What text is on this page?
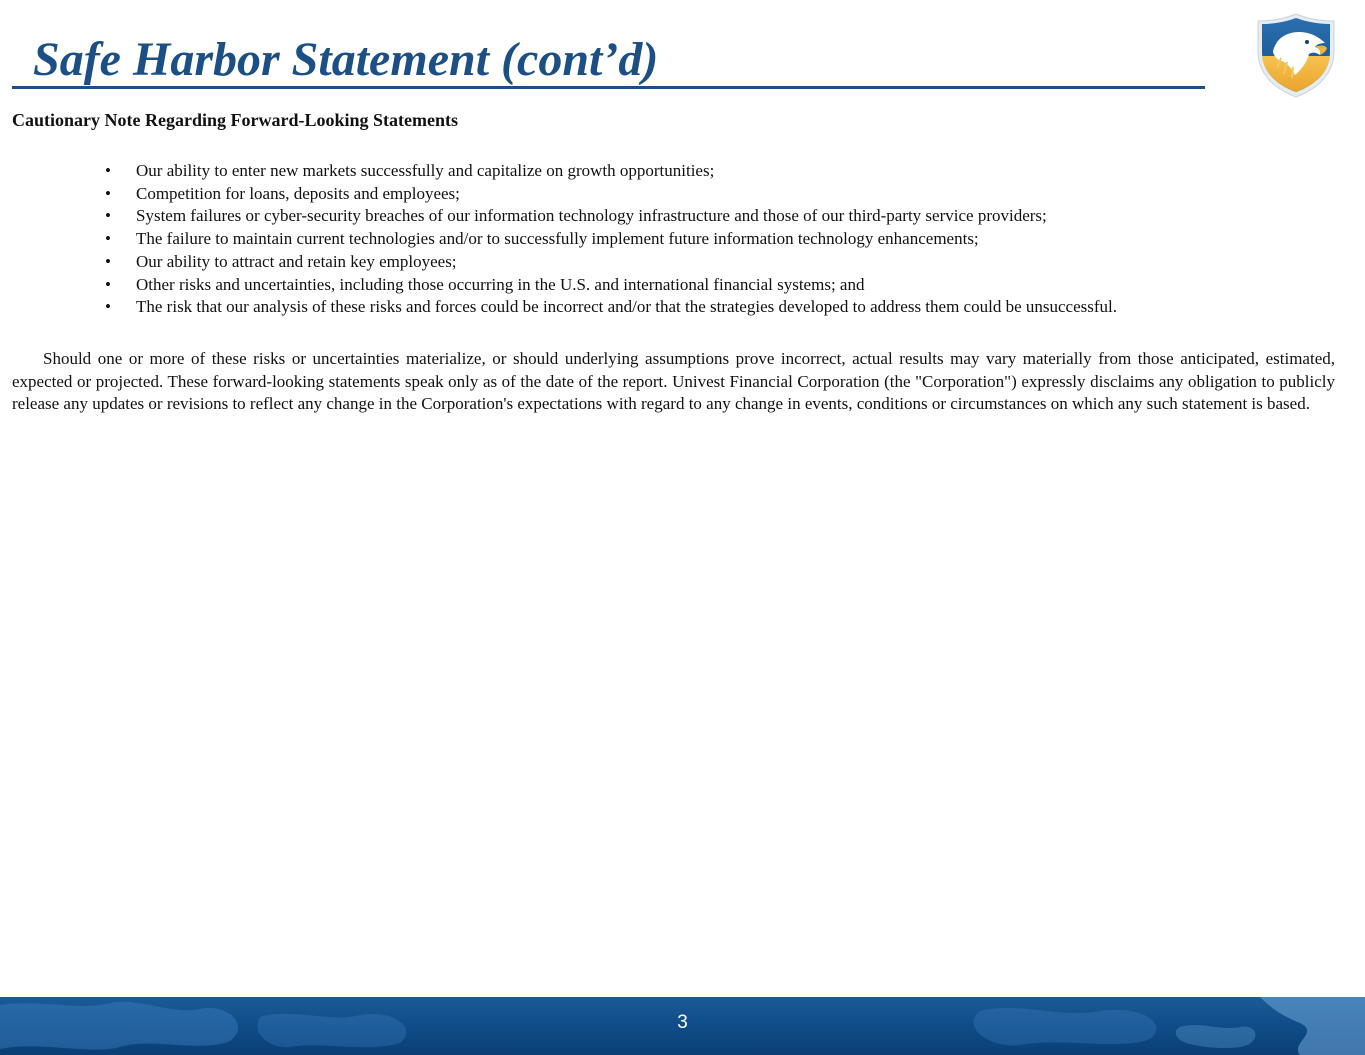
Safe Harbor Statement (cont’d)
Cautionary Note Regarding Forward-Looking Statements
• Our ability to enter new markets successfully and capitalize on growth opportunities;
• Competition for loans, deposits and employees;
• System failures or cyber-security breaches of our information technology infrastructure and those of our third-party service providers;
• The failure to maintain current technologies and/or to successfully implement future information technology enhancements;
• Our ability to attract and retain key employees;
• Other risks and uncertainties, including those occurring in the U.S. and international financial systems; and
• The risk that our analysis of these risks and forces could be incorrect and/or that the strategies developed to address them could be unsuccessful.

Should one or more of these risks or uncertainties materialize, or should underlying assumptions prove incorrect, actual results may vary materially from those anticipated, estimated, expected or projected. These forward-looking statements speak only as of the date of the report. Univest Financial Corporation (the "Corporation") expressly disclaims any obligation to publicly release any updates or revisions to reflect any change in the Corporation's expectations with regard to any change in events, conditions or circumstances on which any such statement is based.

3
